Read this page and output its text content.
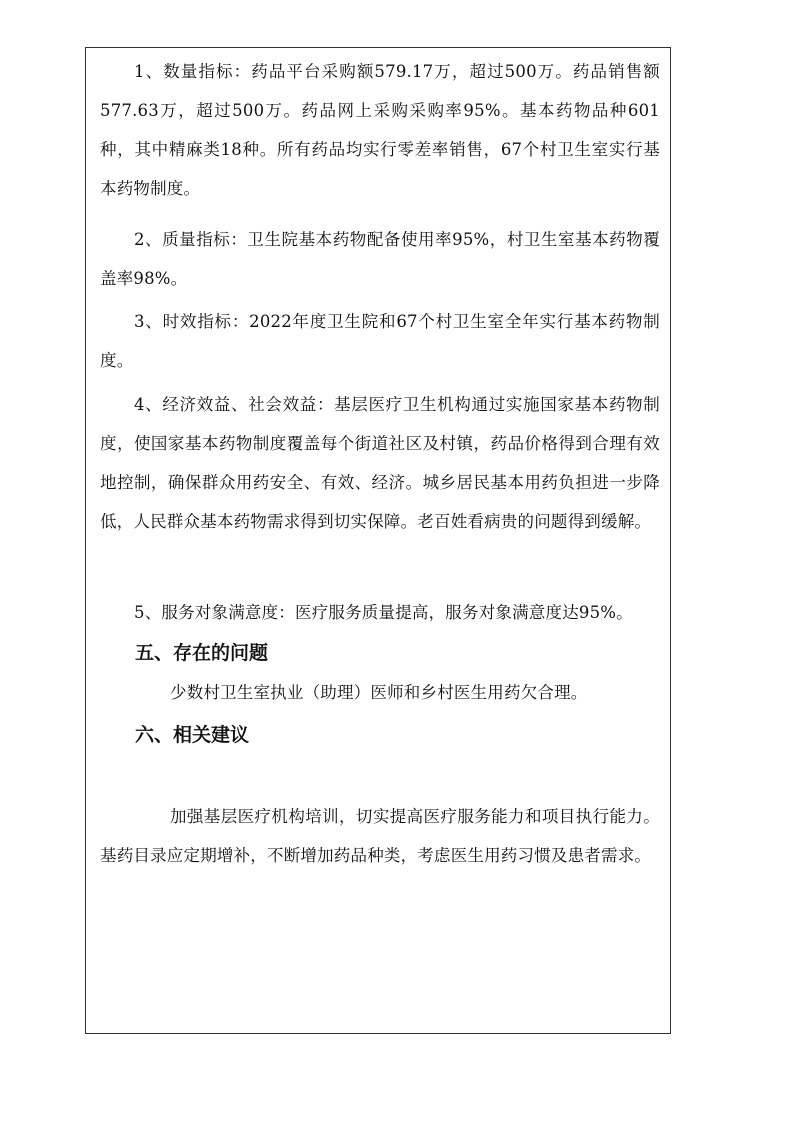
1、数量指标：药品平台采购额579.17万，超过500万。药品销售额577.63万，超过500万。药品网上采购采购率95%。基本药物品种601种，其中精麻类18种。所有药品均实行零差率销售，67个村卫生室实行基本药物制度。

2、质量指标：卫生院基本药物配备使用率95%，村卫生室基本药物覆盖率98%。

3、时效指标：2022年度卫生院和67个村卫生室全年实行基本药物制度。

4、经济效益、社会效益：基层医疗卫生机构通过实施国家基本药物制度，使国家基本药物制度覆盖每个街道社区及村镇，药品价格得到合理有效地控制，确保群众用药安全、有效、经济。城乡居民基本用药负担进一步降低，人民群众基本药物需求得到切实保障。老百姓看病贵的问题得到缓解。

5、服务对象满意度：医疗服务质量提高，服务对象满意度达95%。

五、存在的问题

少数村卫生室执业（助理）医师和乡村医生用药欠合理。

六、相关建议

加强基层医疗机构培训，切实提高医疗服务能力和项目执行能力。基药目录应定期增补，不断增加药品种类，考虑医生用药习惯及患者需求。
